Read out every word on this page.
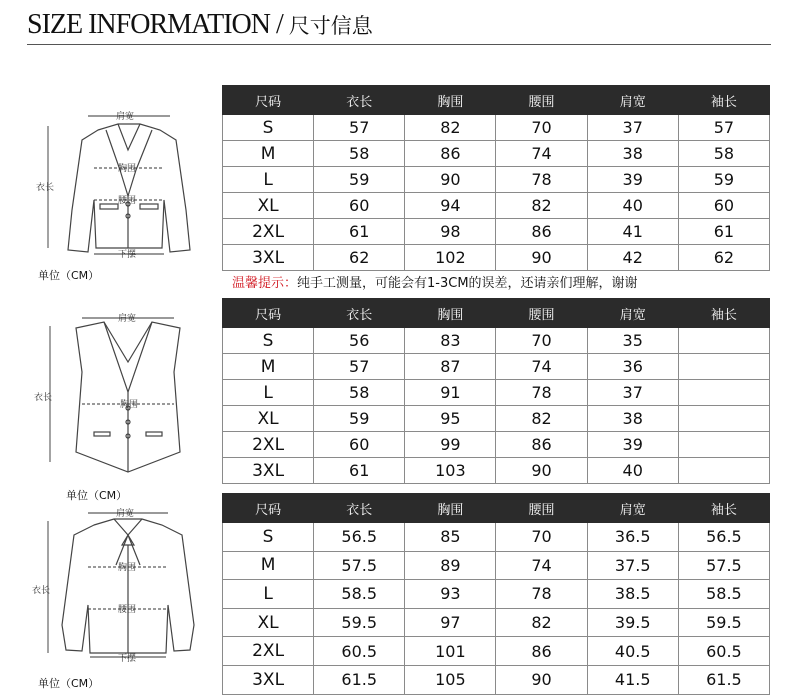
SIZE INFORMATION / 尺寸信息
肩宽
胸围
腰围
下摆
衣长
单位（CM）
肩宽
胸围
衣长
单位（CM）
肩宽
胸围
腰围
下摆
衣长
单位（CM）
尺码	衣长	胸围	腰围	肩宽	袖长
S	57	82	70	37	57
M	58	86	74	38	58
L	59	90	78	39	59
XL	60	94	82	40	60
2XL	61	98	86	41	61
3XL	62	102	90	42	62
温馨提示：纯手工测量，可能会有1-3CM的误差，还请亲们理解，谢谢
尺码	衣长	胸围	腰围	肩宽	袖长
S	56	83	70	35	
M	57	87	74	36	
L	58	91	78	37	
XL	59	95	82	38	
2XL	60	99	86	39	
3XL	61	103	90	40	
尺码	衣长	胸围	腰围	肩宽	袖长
S	56.5	85	70	36.5	56.5
M	57.5	89	74	37.5	57.5
L	58.5	93	78	38.5	58.5
XL	59.5	97	82	39.5	59.5
2XL	60.5	101	86	40.5	60.5
3XL	61.5	105	90	41.5	61.5
